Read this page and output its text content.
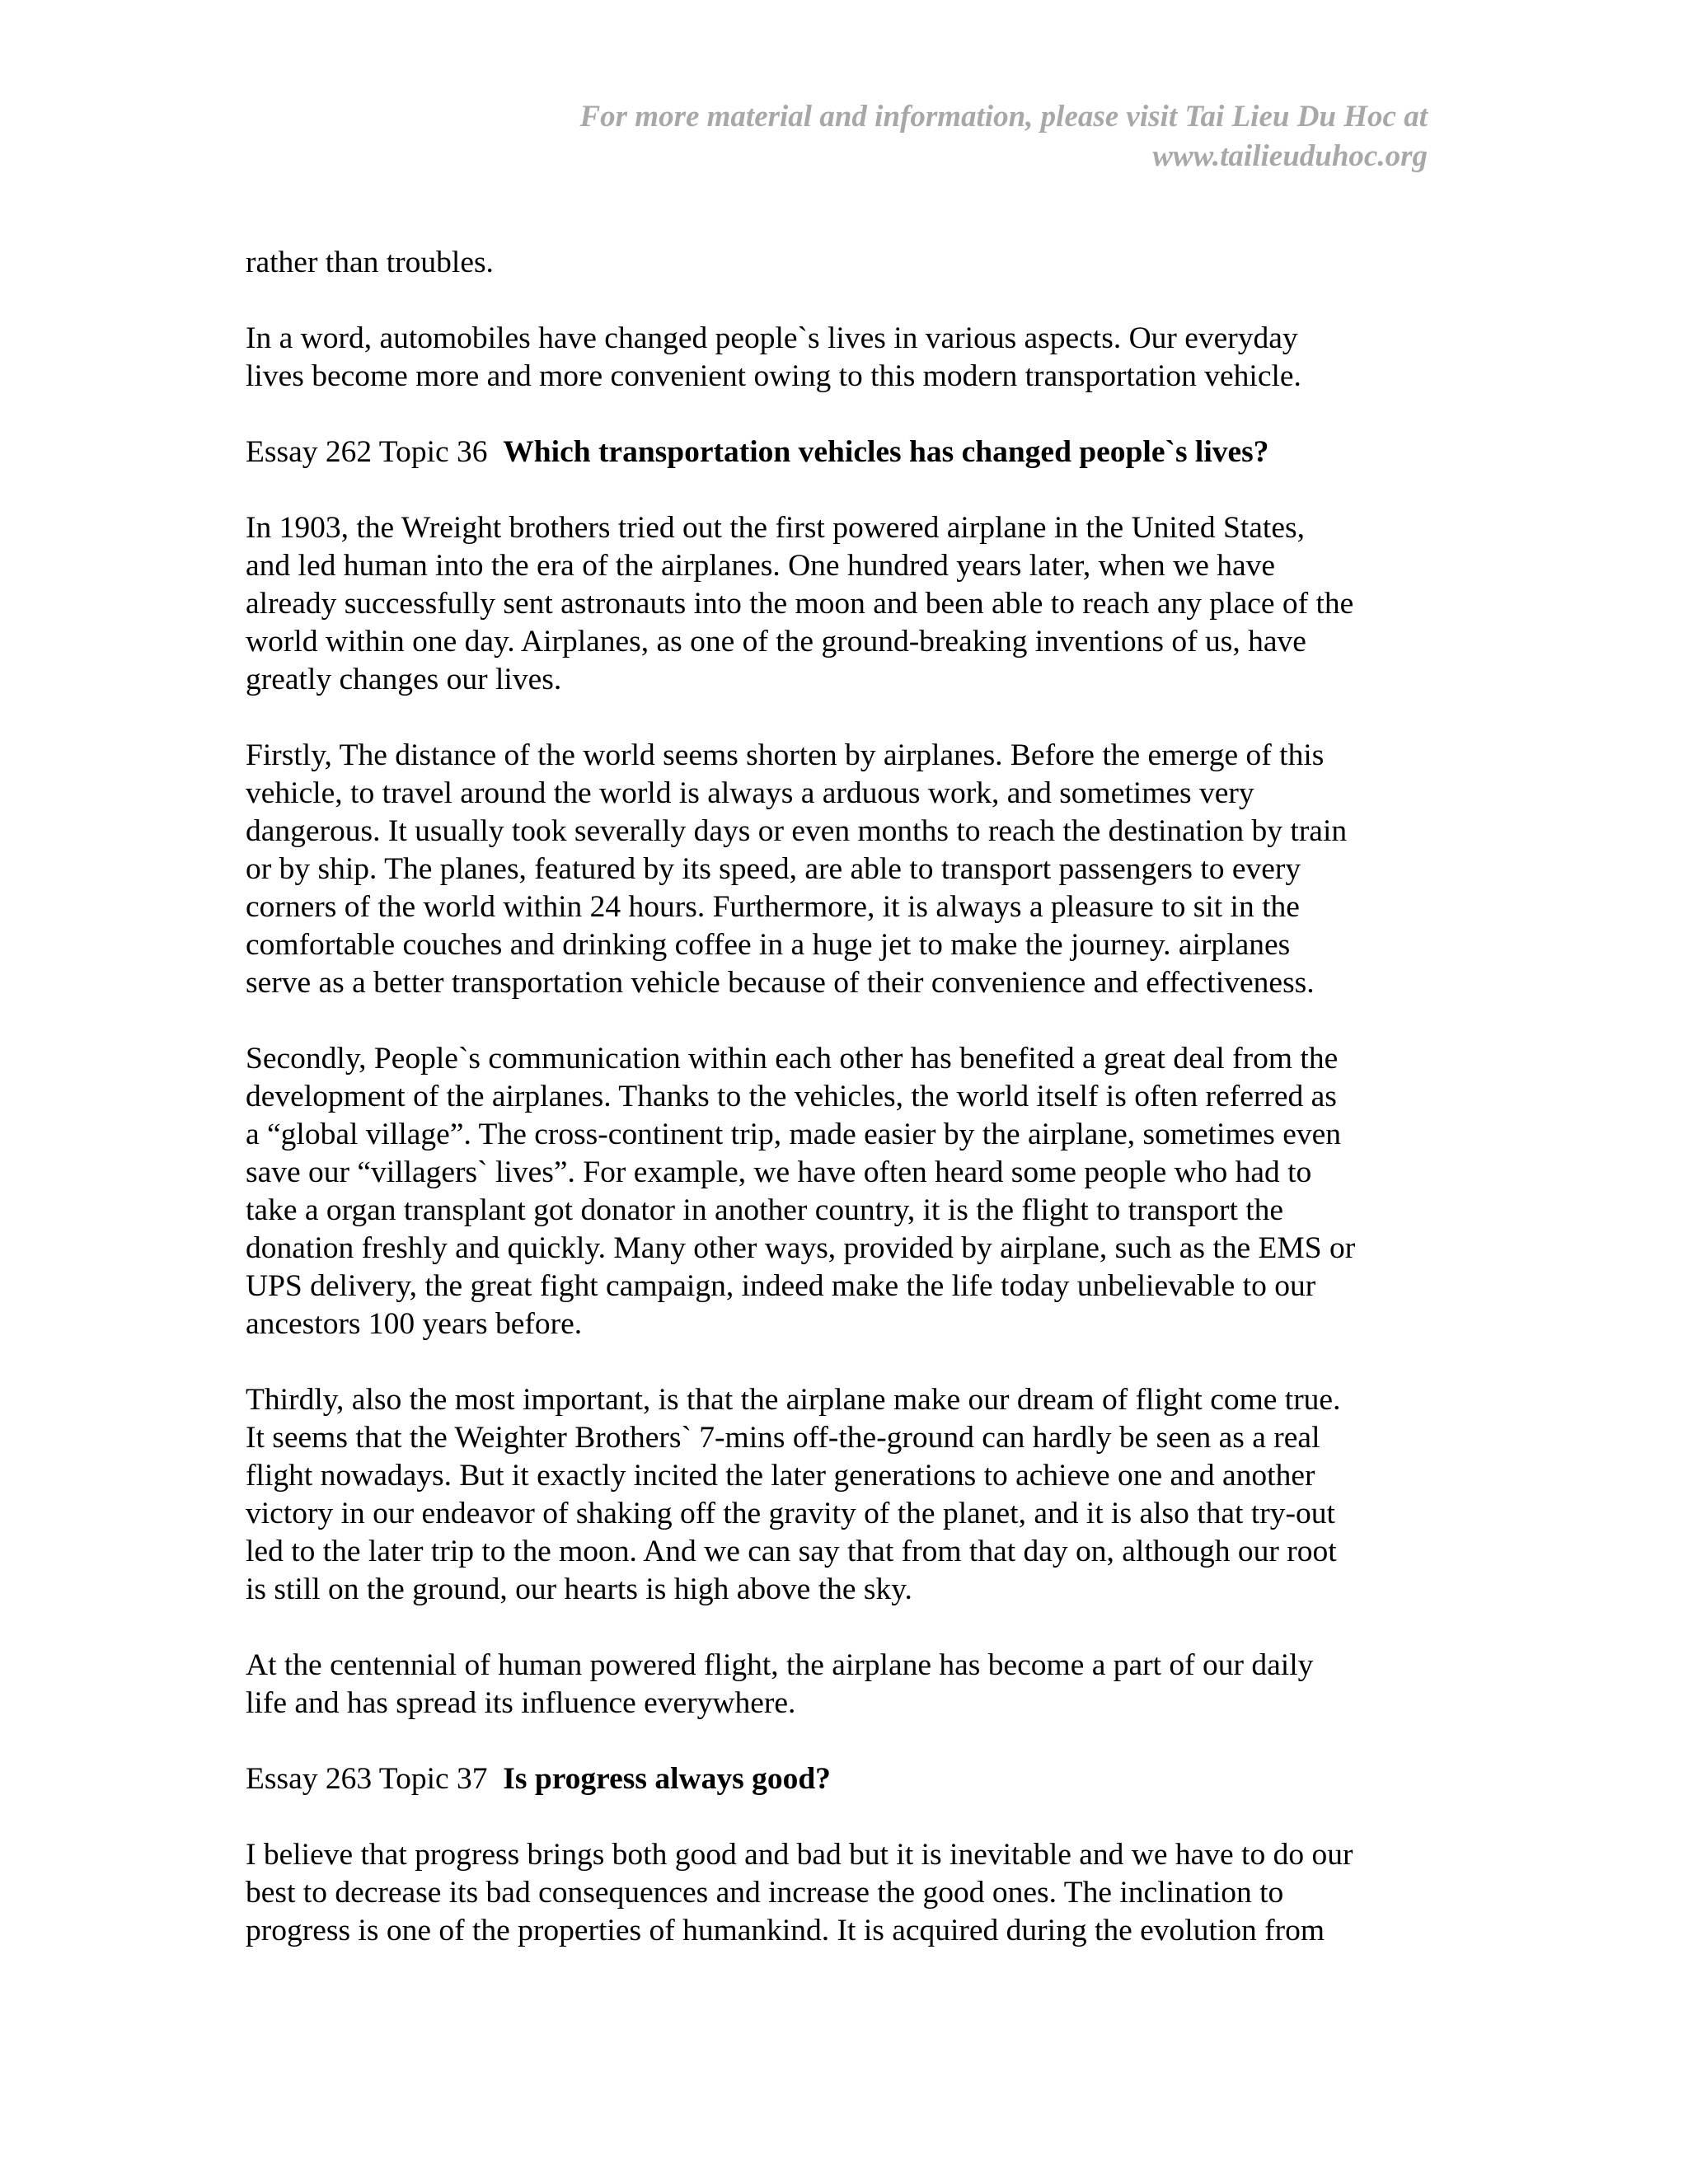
For more material and information, please visit Tai Lieu Du Hoc at
www.tailieuduhoc.org

rather than troubles.

In a word, automobiles have changed people`s lives in various aspects. Our everyday
lives become more and more convenient owing to this modern transportation vehicle.

Essay 262 Topic 36 Which transportation vehicles has changed people`s lives?

In 1903, the Wreight brothers tried out the first powered airplane in the United States,
and led human into the era of the airplanes. One hundred years later, when we have
already successfully sent astronauts into the moon and been able to reach any place of the
world within one day. Airplanes, as one of the ground-breaking inventions of us, have
greatly changes our lives.

Firstly, The distance of the world seems shorten by airplanes. Before the emerge of this
vehicle, to travel around the world is always a arduous work, and sometimes very
dangerous. It usually took severally days or even months to reach the destination by train
or by ship. The planes, featured by its speed, are able to transport passengers to every
corners of the world within 24 hours. Furthermore, it is always a pleasure to sit in the
comfortable couches and drinking coffee in a huge jet to make the journey. airplanes
serve as a better transportation vehicle because of their convenience and effectiveness.

Secondly, People`s communication within each other has benefited a great deal from the
development of the airplanes. Thanks to the vehicles, the world itself is often referred as
a “global village”. The cross-continent trip, made easier by the airplane, sometimes even
save our “villagers` lives”. For example, we have often heard some people who had to
take a organ transplant got donator in another country, it is the flight to transport the
donation freshly and quickly. Many other ways, provided by airplane, such as the EMS or
UPS delivery, the great fight campaign, indeed make the life today unbelievable to our
ancestors 100 years before.

Thirdly, also the most important, is that the airplane make our dream of flight come true.
It seems that the Weighter Brothers` 7-mins off-the-ground can hardly be seen as a real
flight nowadays. But it exactly incited the later generations to achieve one and another
victory in our endeavor of shaking off the gravity of the planet, and it is also that try-out
led to the later trip to the moon. And we can say that from that day on, although our root
is still on the ground, our hearts is high above the sky.

At the centennial of human powered flight, the airplane has become a part of our daily
life and has spread its influence everywhere.

Essay 263 Topic 37 Is progress always good?

I believe that progress brings both good and bad but it is inevitable and we have to do our
best to decrease its bad consequences and increase the good ones. The inclination to
progress is one of the properties of humankind. It is acquired during the evolution from
